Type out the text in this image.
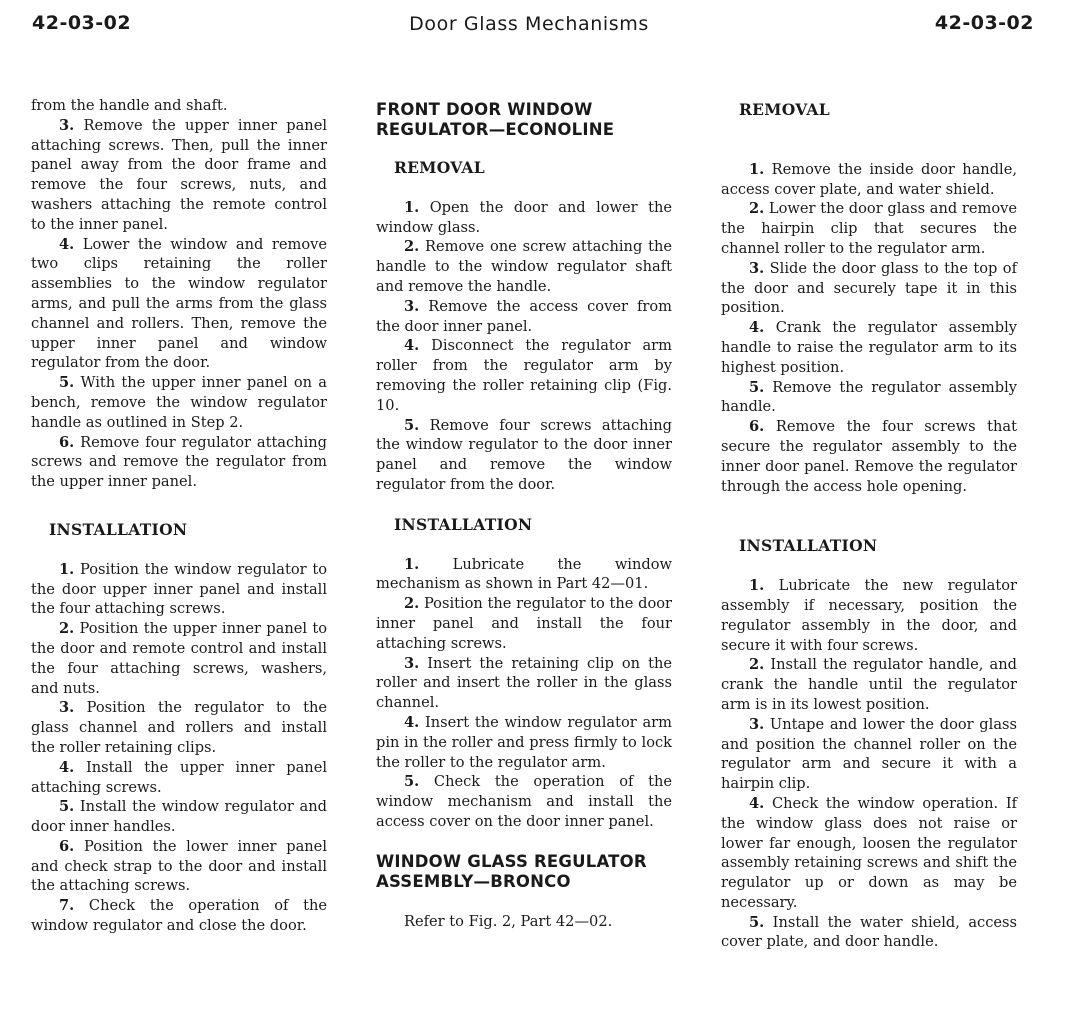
42-03-02	Door Glass Mechanisms	42-03-02

from the handle and shaft.

3. Remove the upper inner panel attaching screws. Then, pull the inner panel away from the door frame and remove the four screws, nuts, and washers attaching the remote control to the inner panel.

4. Lower the window and remove two clips retaining the roller assemblies to the window regulator arms, and pull the arms from the glass channel and rollers. Then, remove the upper inner panel and window regulator from the door.

5. With the upper inner panel on a bench, remove the window regulator handle as outlined in Step 2.

6. Remove four regulator attaching screws and remove the regulator from the upper inner panel.

INSTALLATION

1. Position the window regulator to the door upper inner panel and install the four attaching screws.

2. Position the upper inner panel to the door and remote control and install the four attaching screws, washers, and nuts.

3. Position the regulator to the glass channel and rollers and install the roller retaining clips.

4. Install the upper inner panel attaching screws.

5. Install the window regulator and door inner handles.

6. Position the lower inner panel and check strap to the door and install the attaching screws.

7. Check the operation of the window regulator and close the door.

FRONT DOOR WINDOW
REGULATOR—ECONOLINE
REMOVAL

1. Open the door and lower the window glass.

2. Remove one screw attaching the handle to the window regulator shaft and remove the handle.

3. Remove the access cover from the door inner panel.

4. Disconnect the regulator arm roller from the regulator arm by removing the roller retaining clip (Fig. 10.

5. Remove four screws attaching the window regulator to the door inner panel and remove the window regulator from the door.

INSTALLATION

1. Lubricate the window mechanism as shown in Part 42—01.

2. Position the regulator to the door inner panel and install the four attaching screws.

3. Insert the retaining clip on the roller and insert the roller in the glass channel.

4. Insert the window regulator arm pin in the roller and press firmly to lock the roller to the regulator arm.

5. Check the operation of the window mechanism and install the access cover on the door inner panel.

WINDOW GLASS REGULATOR
ASSEMBLY—BRONCO

Refer to Fig. 2, Part 42—02.

REMOVAL

1. Remove the inside door handle, access cover plate, and water shield.

2. Lower the door glass and remove the hairpin clip that secures the channel roller to the regulator arm.

3. Slide the door glass to the top of the door and securely tape it in this position.

4. Crank the regulator assembly handle to raise the regulator arm to its highest position.

5. Remove the regulator assembly handle.

6. Remove the four screws that secure the regulator assembly to the inner door panel. Remove the regulator through the access hole opening.

INSTALLATION

1. Lubricate the new regulator assembly if necessary, position the regulator assembly in the door, and secure it with four screws.

2. Install the regulator handle, and crank the handle until the regulator arm is in its lowest position.

3. Untape and lower the door glass and position the channel roller on the regulator arm and secure it with a hairpin clip.

4. Check the window operation. If the window glass does not raise or lower far enough, loosen the regulator assembly retaining screws and shift the regulator up or down as may be necessary.

5. Install the water shield, access cover plate, and door handle.
